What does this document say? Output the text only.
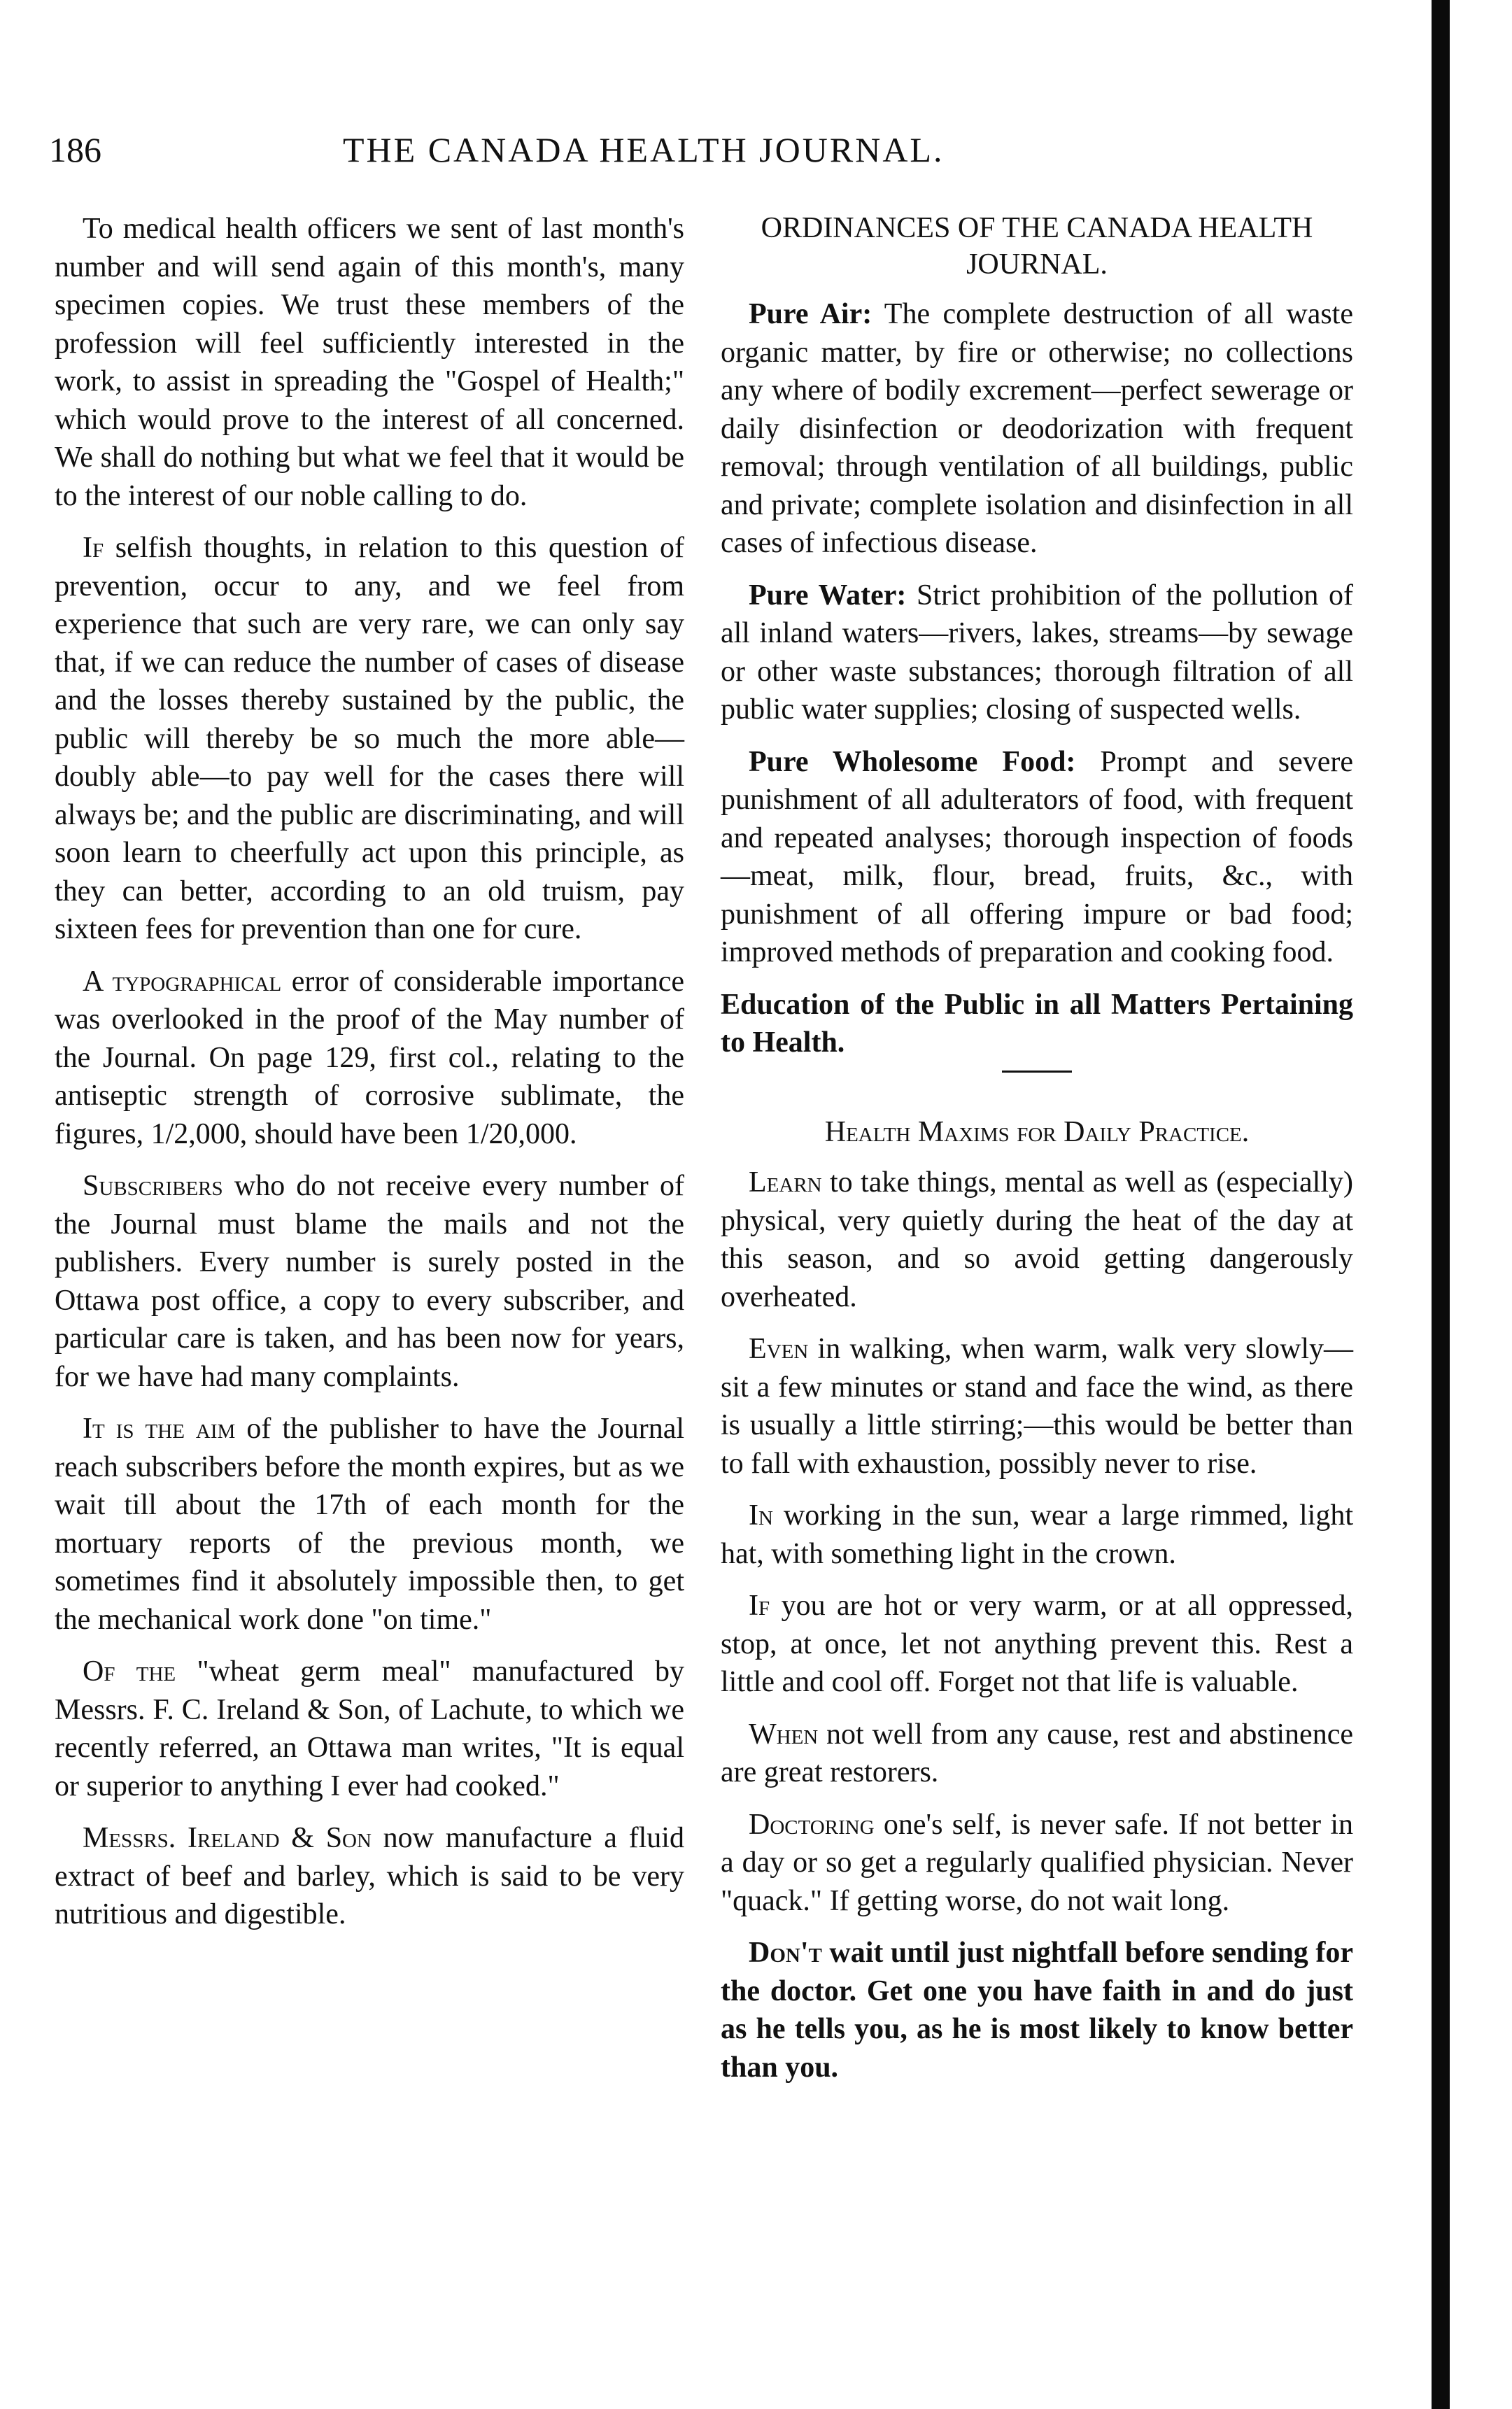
186	THE CANADA HEALTH JOURNAL.

To medical health officers we sent of last month's number and will send again of this month's, many specimen copies. We trust these members of the profession will feel sufficiently interested in the work, to assist in spreading the "Gospel of Health;" which would prove to the interest of all concerned. We shall do nothing but what we feel that it would be to the interest of our noble calling to do.

If selfish thoughts, in relation to this question of prevention, occur to any, and we feel from experience that such are very rare, we can only say that, if we can reduce the number of cases of disease and the losses thereby sustained by the public, the public will thereby be so much the more able—doubly able—to pay well for the cases there will always be; and the public are discriminating, and will soon learn to cheerfully act upon this principle, as they can better, according to an old truism, pay sixteen fees for prevention than one for cure.

A typographical error of considerable importance was overlooked in the proof of the May number of the Journal. On page 129, first col., relating to the antiseptic strength of corrosive sublimate, the figures, 1/2,000, should have been 1/20,000.

Subscribers who do not receive every number of the Journal must blame the mails and not the publishers. Every number is surely posted in the Ottawa post office, a copy to every subscriber, and particular care is taken, and has been now for years, for we have had many complaints.

It is the aim of the publisher to have the Journal reach subscribers before the month expires, but as we wait till about the 17th of each month for the mortuary reports of the previous month, we sometimes find it absolutely impossible then, to get the mechanical work done "on time."

Of the "wheat germ meal" manufactured by Messrs. F. C. Ireland & Son, of Lachute, to which we recently referred, an Ottawa man writes, "It is equal or superior to anything I ever had cooked."

Messrs. Ireland & Son now manufacture a fluid extract of beef and barley, which is said to be very nutritious and digestible.

ORDINANCES OF THE CANADA HEALTH JOURNAL.

Pure Air: The complete destruction of all waste organic matter, by fire or otherwise; no collections any where of bodily excrement—perfect sewerage or daily disinfection or deodorization with frequent removal; through ventilation of all buildings, public and private; complete isolation and disinfection in all cases of infectious disease.

Pure Water: Strict prohibition of the pollution of all inland waters—rivers, lakes, streams—by sewage or other waste substances; thorough filtration of all public water supplies; closing of suspected wells.

Pure Wholesome Food: Prompt and severe punishment of all adulterators of food, with frequent and repeated analyses; thorough inspection of foods—meat, milk, flour, bread, fruits, &c., with punishment of all offering impure or bad food; improved methods of preparation and cooking food.

Education of the Public in all Matters Pertaining to Health.

Health Maxims for Daily Practice.

Learn to take things, mental as well as (especially) physical, very quietly during the heat of the day at this season, and so avoid getting dangerously overheated.

Even in walking, when warm, walk very slowly—sit a few minutes or stand and face the wind, as there is usually a little stirring;—this would be better than to fall with exhaustion, possibly never to rise.

In working in the sun, wear a large rimmed, light hat, with something light in the crown.

If you are hot or very warm, or at all oppressed, stop, at once, let not anything prevent this. Rest a little and cool off. Forget not that life is valuable.

When not well from any cause, rest and abstinence are great restorers.

Doctoring one's self, is never safe. If not better in a day or so get a regularly qualified physician. Never "quack." If getting worse, do not wait long.

Don't wait until just nightfall before sending for the doctor. Get one you have faith in and do just as he tells you, as he is most likely to know better than you.
